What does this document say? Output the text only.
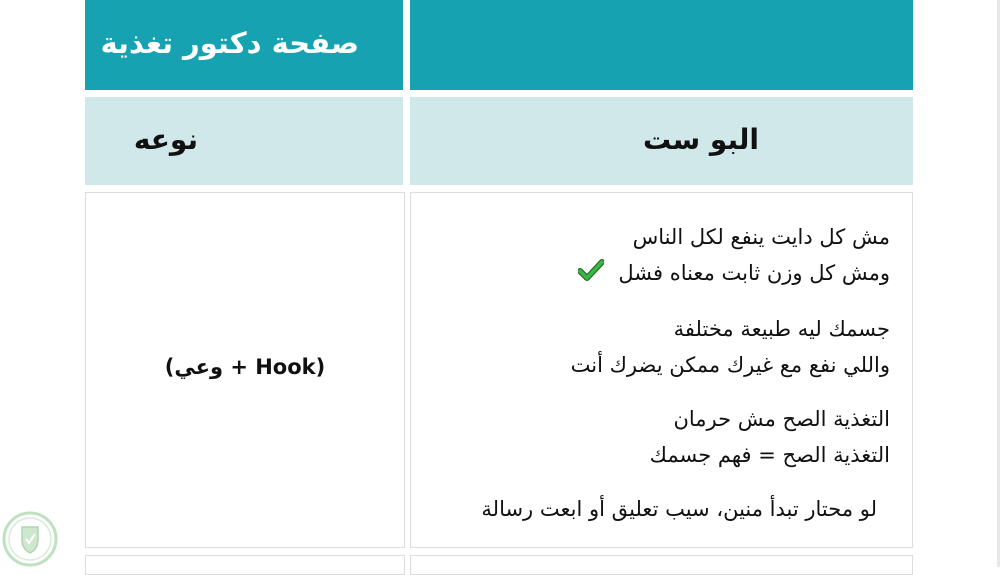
صفحة دكتور تغذية
نوعه	البو ست
(وعي + Hook)
مش كل دايت ينفع لكل الناس
ومش كل وزن ثابت معناه فشل
جسمك ليه طبيعة مختلفة
واللي نفع مع غيرك ممكن يضرك أنت
التغذية الصح مش حرمان
التغذية الصح = فهم جسمك
لو محتار تبدأ منين، سيب تعليق أو ابعت رسالة
